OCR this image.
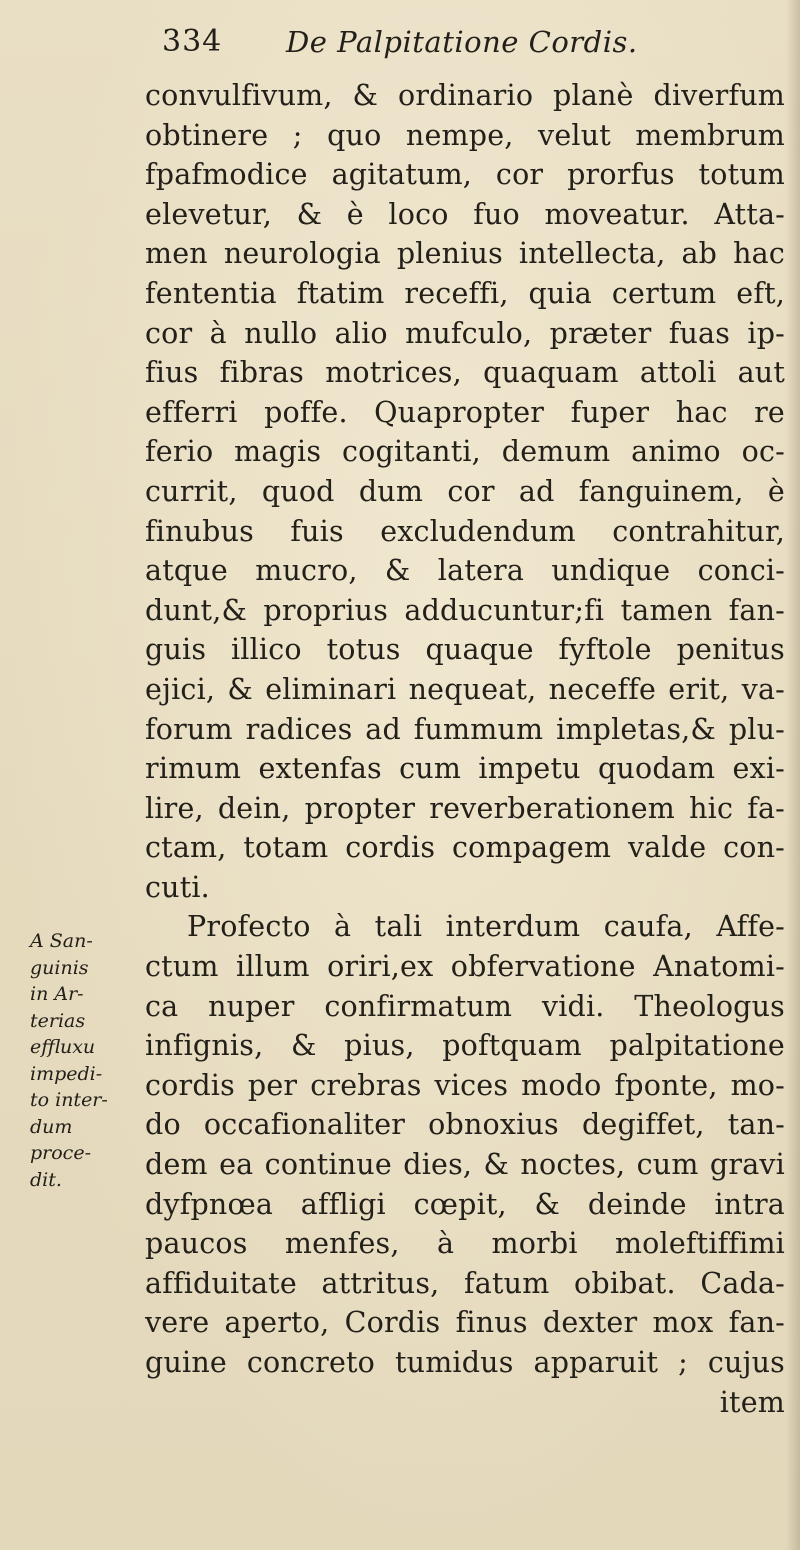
334 De Palpitatione Cordis.
convulfivum, & ordinario planè diverfum
obtinere ; quo nempe, velut membrum
fpafmodice agitatum, cor prorfus totum
elevetur, & è loco fuo moveatur. Atta-
men neurologia plenius intellecta, ab hac
fententia ftatim receffi, quia certum eft,
cor à nullo alio mufculo, præter fuas ip-
fius fibras motrices, quaquam attoli aut
efferri poffe. Quapropter fuper hac re
ferio magis cogitanti, demum animo oc-
currit, quod dum cor ad fanguinem, è
finubus fuis excludendum contrahitur,
atque mucro, & latera undique conci-
dunt,& proprius adducuntur;fi tamen fan-
guis illico totus quaque fyftole penitus
ejici, & eliminari nequeat, neceffe erit, va-
forum radices ad fummum impletas,& plu-
rimum extenfas cum impetu quodam exi-
lire, dein, propter reverberationem hic fa-
ctam, totam cordis compagem valde con-
cuti.
Profecto à tali interdum caufa, Affe-
ctum illum oriri,ex obfervatione Anatomi-
ca nuper confirmatum vidi. Theologus
infignis, & pius, poftquam palpitatione
cordis per crebras vices modo fponte, mo-
do occafionaliter obnoxius degiffet, tan-
dem ea continue dies, & noctes, cum gravi
dyfpnœa affligi cœpit, & deinde intra
paucos menfes, à morbi moleftiffimi
affiduitate attritus, fatum obibat. Cada-
vere aperto, Cordis finus dexter mox fan-
guine concreto tumidus apparuit ; cujus
item
A San-
guinis
in Ar-
terias
effluxu
impedi-
to inter-
dum
proce-
dit.
